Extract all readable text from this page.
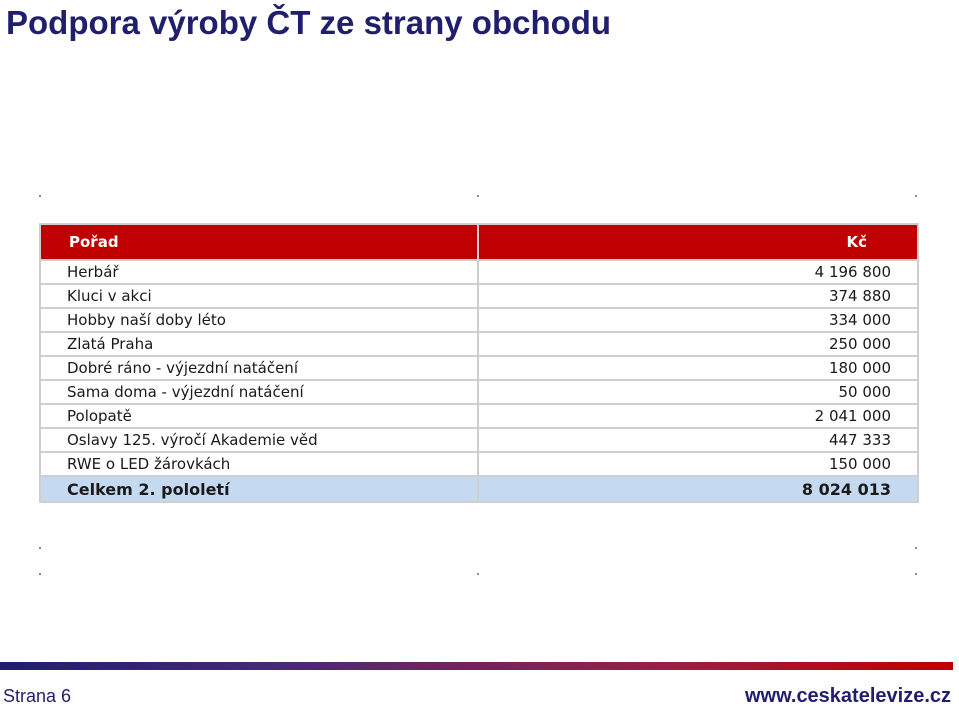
Podpora výroby ČT ze strany obchodu
Pořad	Kč
Herbář	4 196 800
Kluci v akci	374 880
Hobby naší doby léto	334 000
Zlatá Praha	250 000
Dobré ráno - výjezdní natáčení	180 000
Sama doma - výjezdní natáčení	50 000
Polopatě	2 041 000
Oslavy 125. výročí Akademie věd	447 333
RWE o LED žárovkách	150 000
Celkem 2. pololetí	8 024 013
Strana 6	www.ceskatelevize.cz
